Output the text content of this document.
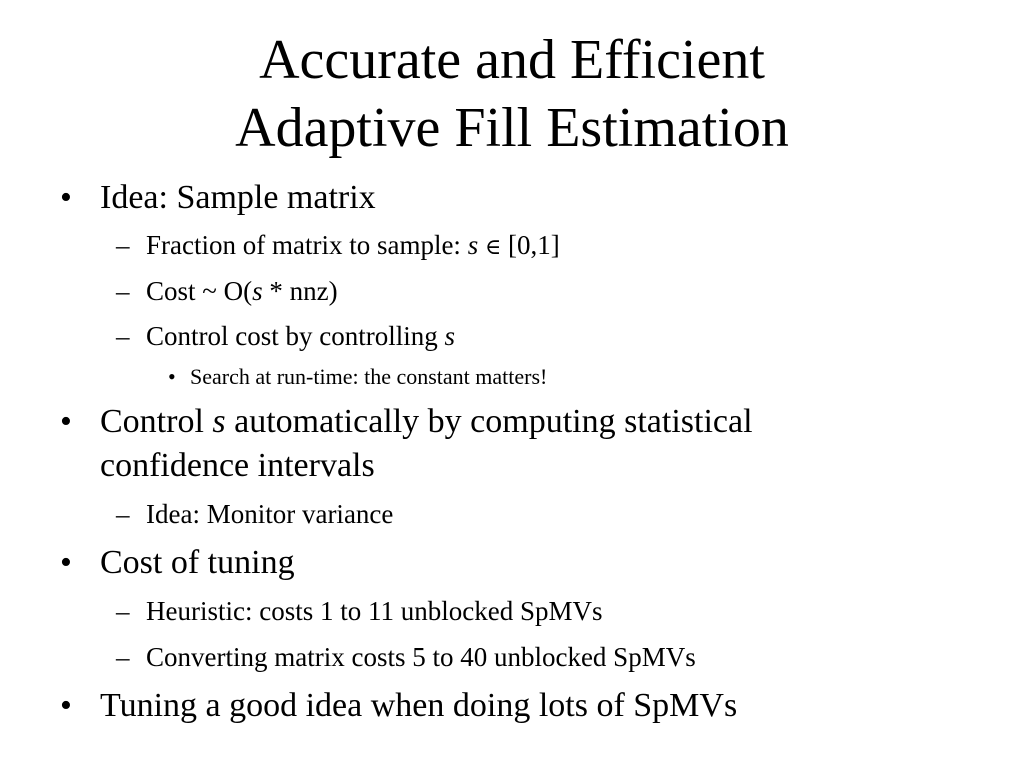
Accurate and Efficient
Adaptive Fill Estimation
• Idea: Sample matrix
– Fraction of matrix to sample: s ∈ [0,1]
– Cost ~ O(s * nnz)
– Control cost by controlling s
• Search at run-time: the constant matters!
• Control s automatically by computing statistical
confidence intervals
– Idea: Monitor variance
• Cost of tuning
– Heuristic: costs 1 to 11 unblocked SpMVs
– Converting matrix costs 5 to 40 unblocked SpMVs
• Tuning a good idea when doing lots of SpMVs
